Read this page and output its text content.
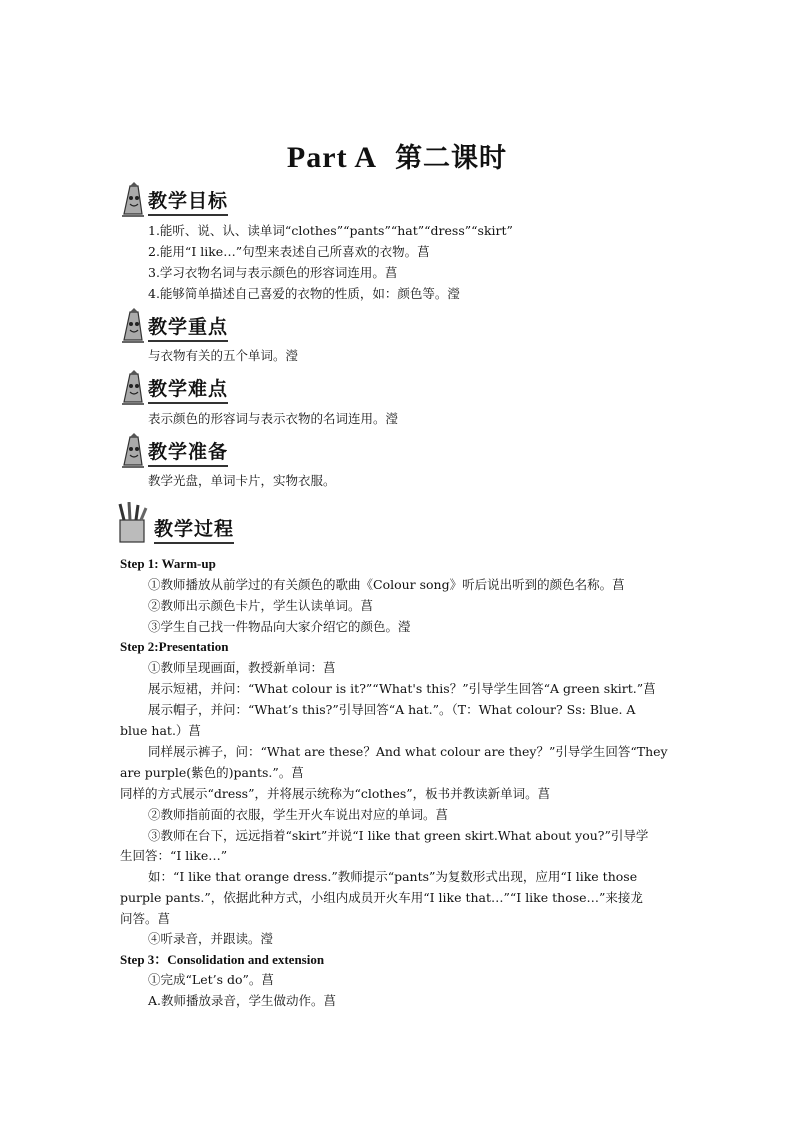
Part A 第二课时
教学目标
1.能听、说、认、读单词“clothes”“pants”“hat”“dress”“skirt”
2.能用“I like…”句型来表述自己所喜欢的衣物。菖
3.学习衣物名词与表示颜色的形容词连用。菖
4.能够简单描述自己喜爱的衣物的性质，如：颜色等。瀅
教学重点
与衣物有关的五个单词。瀅
教学难点
表示颜色的形容词与表示衣物的名词连用。瀅
教学准备
教学光盘，单词卡片，实物衣服。
教学过程
Step 1: Warm-up
①教师播放从前学过的有关颜色的歌曲《Colour song》听后说出听到的颜色名称。菖
②教师出示颜色卡片，学生认读单词。菖
③学生自己找一件物品向大家介绍它的颜色。瀅
Step 2:Presentation
①教师呈现画面，教授新单词：菖
展示短裙，并问：“What colour is it?”“What's this？”引导学生回答“A green skirt.”菖
展示帽子，并问：“What’s this?”引导回答“A hat.”。（T：What colour? Ss: Blue. A
blue hat.）菖
同样展示裤子，问：“What are these？And what colour are they？”引导学生回答“They
are purple(紫色的)pants.”。菖
同样的方式展示“dress”，并将展示统称为“clothes”，板书并教读新单词。菖
②教师指前面的衣服，学生开火车说出对应的单词。菖
③教师在台下，远远指着“skirt”并说“I like that green skirt.What about you?”引导学
生回答：“I like…”
如：“I like that orange dress.”教师提示“pants”为复数形式出现，应用“I like those
purple pants.”，依据此种方式，小组内成员开火车用“I like that…”“I like those…”来接龙
问答。菖
④听录音，并跟读。瀅
Step 3：Consolidation and extension
①完成“Let’s do”。菖
A.教师播放录音，学生做动作。菖
